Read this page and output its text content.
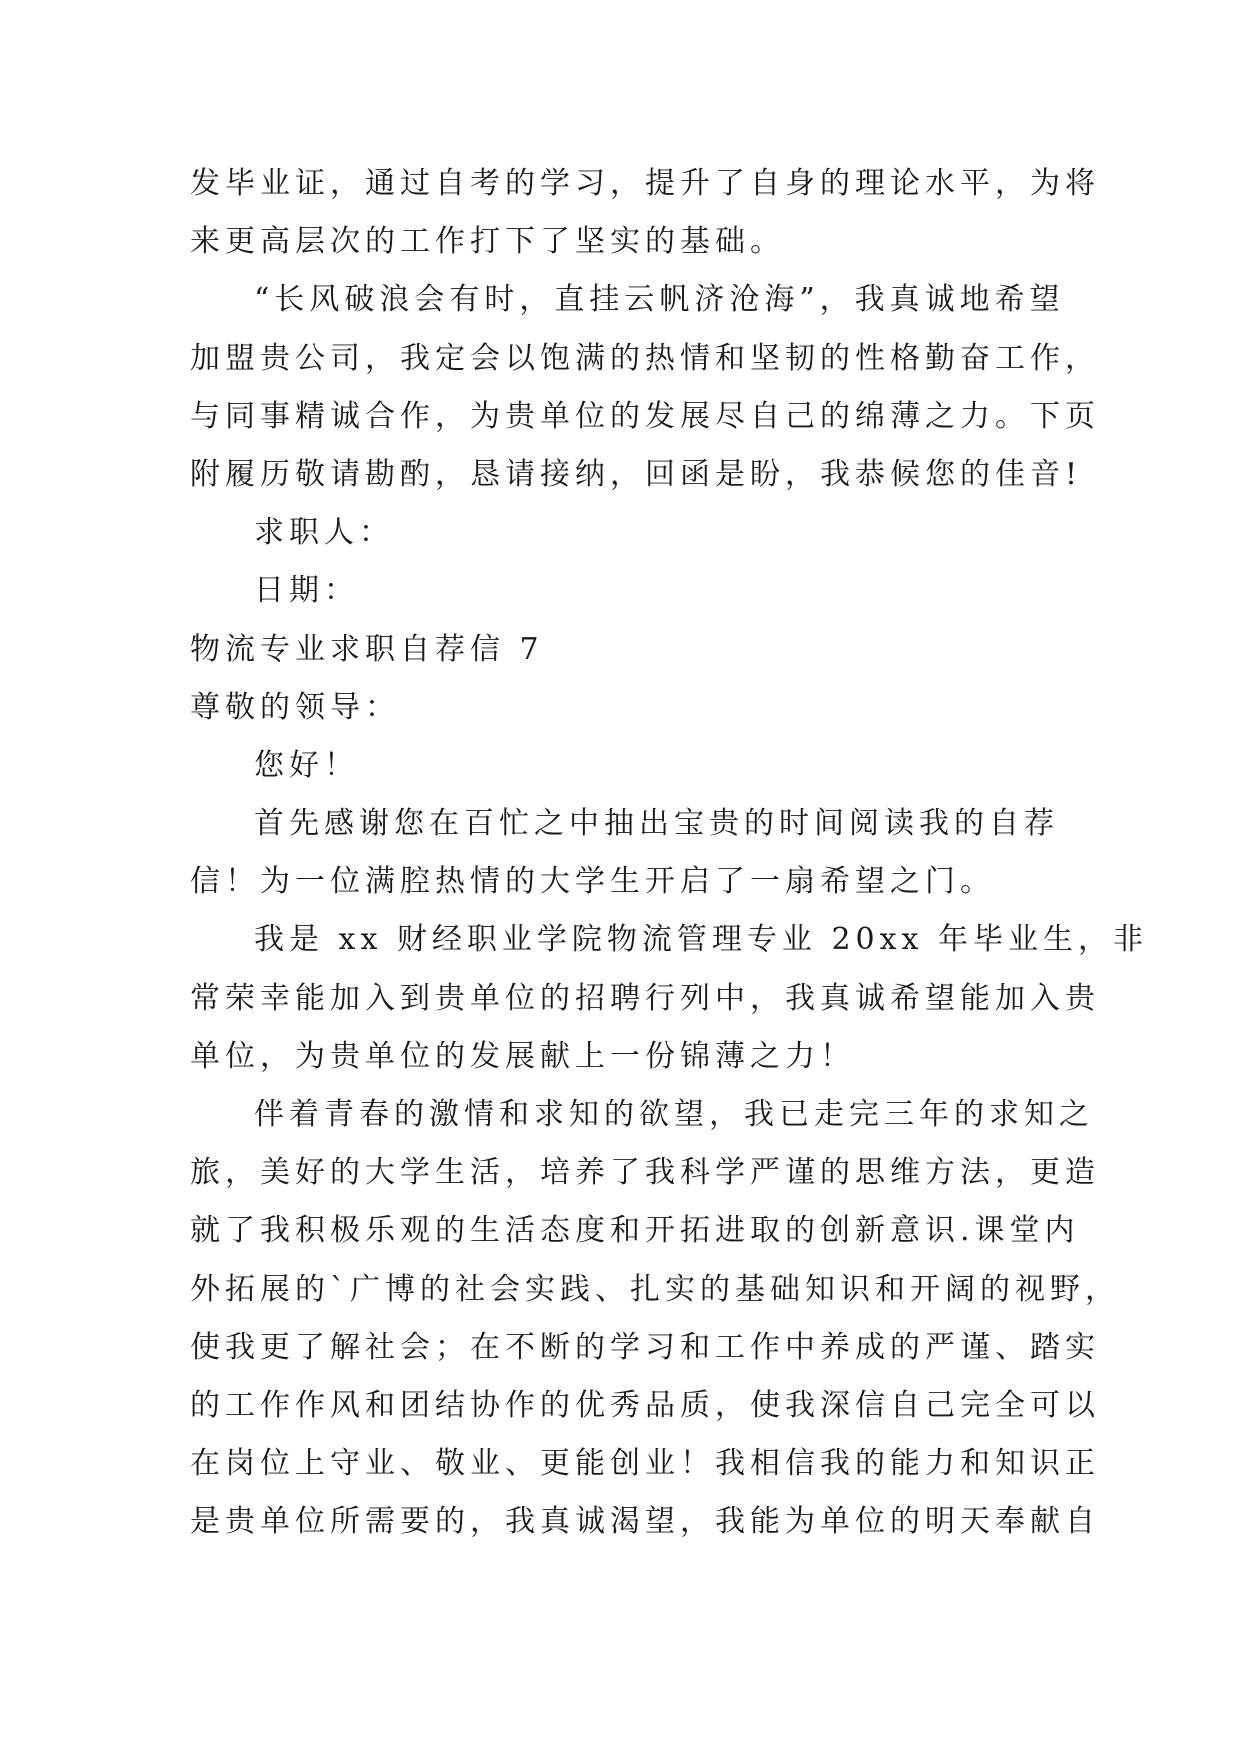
发毕业证，通过自考的学习，提升了自身的理论水平，为将
来更高层次的工作打下了坚实的基础。
“长风破浪会有时，直挂云帆济沧海”，我真诚地希望
加盟贵公司，我定会以饱满的热情和坚韧的性格勤奋工作，
与同事精诚合作，为贵单位的发展尽自己的绵薄之力。下页
附履历敬请勘酌，恳请接纳，回函是盼，我恭候您的佳音!
求职人：
日期：
物流专业求职自荐信 7
尊敬的领导：
您好！
首先感谢您在百忙之中抽出宝贵的时间阅读我的自荐
信！为一位满腔热情的大学生开启了一扇希望之门。
我是 xx 财经职业学院物流管理专业 20xx 年毕业生，非
常荣幸能加入到贵单位的招聘行列中，我真诚希望能加入贵
单位，为贵单位的发展献上一份锦薄之力！
伴着青春的激情和求知的欲望，我已走完三年的求知之
旅，美好的大学生活，培养了我科学严谨的思维方法，更造
就了我积极乐观的生活态度和开拓进取的创新意识.课堂内
外拓展的`广博的社会实践、扎实的基础知识和开阔的视野，
使我更了解社会；在不断的学习和工作中养成的严谨、踏实
的工作作风和团结协作的优秀品质，使我深信自己完全可以
在岗位上守业、敬业、更能创业！我相信我的能力和知识正
是贵单位所需要的，我真诚渴望，我能为单位的明天奉献自
